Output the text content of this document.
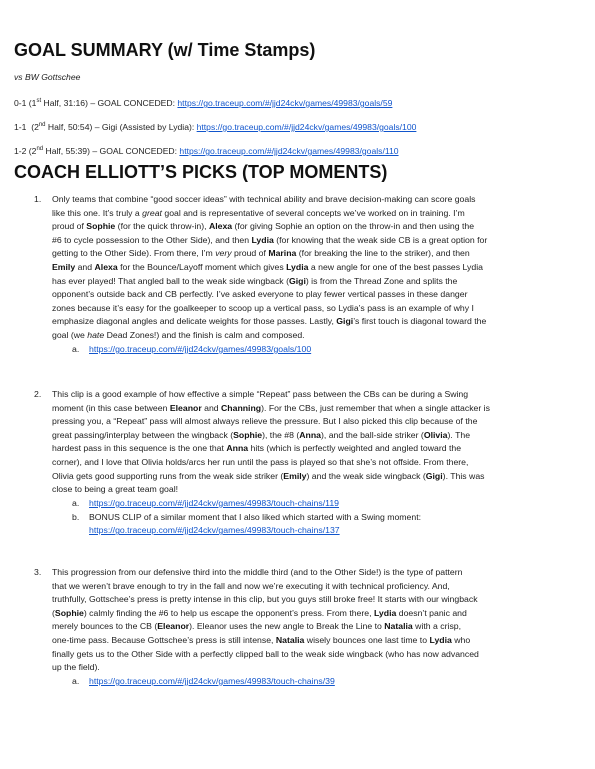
GOAL SUMMARY (w/ Time Stamps)
vs BW Gottschee
0-1 (1st Half, 31:16) – GOAL CONCEDED: https://go.traceup.com/#/jjd24ckv/games/49983/goals/59
1-1  (2nd Half, 50:54) – Gigi (Assisted by Lydia): https://go.traceup.com/#/jjd24ckv/games/49983/goals/100
1-2 (2nd Half, 55:39) – GOAL CONCEDED: https://go.traceup.com/#/jjd24ckv/games/49983/goals/110
COACH ELLIOTT’S PICKS (TOP MOMENTS)
1. Only teams that combine “good soccer ideas” with technical ability and brave decision-making can score goals
like this one. It’s truly a great goal and is representative of several concepts we’ve worked on in training. I’m
proud of Sophie (for the quick throw-in), Alexa (for giving Sophie an option on the throw-in and then using the
#6 to cycle possession to the Other Side), and then Lydia (for knowing that the weak side CB is a great option for
getting to the Other Side). From there, I’m very proud of Marina (for breaking the line to the striker), and then
Emily and Alexa for the Bounce/Layoff moment which gives Lydia a new angle for one of the best passes Lydia
has ever played! That angled ball to the weak side wingback (Gigi) is from the Thread Zone and splits the
opponent’s outside back and CB perfectly. I’ve asked everyone to play fewer vertical passes in these danger
zones because it’s easy for the goalkeeper to scoop up a vertical pass, so Lydia’s pass is an example of why I
emphasize diagonal angles and delicate weights for those passes. Lastly, Gigi’s first touch is diagonal toward the
goal (we hate Dead Zones!) and the finish is calm and composed.
a. https://go.traceup.com/#/jjd24ckv/games/49983/goals/100
2. This clip is a good example of how effective a simple “Repeat” pass between the CBs can be during a Swing
moment (in this case between Eleanor and Channing). For the CBs, just remember that when a single attacker is
pressing you, a “Repeat” pass will almost always relieve the pressure. But I also picked this clip because of the
great passing/interplay between the wingback (Sophie), the #8 (Anna), and the ball-side striker (Olivia). The
hardest pass in this sequence is the one that Anna hits (which is perfectly weighted and angled toward the
corner), and I love that Olivia holds/arcs her run until the pass is played so that she’s not offside. From there,
Olivia gets good supporting runs from the weak side striker (Emily) and the weak side wingback (Gigi). This was
close to being a great team goal!
a. https://go.traceup.com/#/jjd24ckv/games/49983/touch-chains/119
b. BONUS CLIP of a similar moment that I also liked which started with a Swing moment:
https://go.traceup.com/#/jjd24ckv/games/49983/touch-chains/137
3. This progression from our defensive third into the middle third (and to the Other Side!) is the type of pattern
that we weren’t brave enough to try in the fall and now we’re executing it with technical proficiency. And,
truthfully, Gottschee’s press is pretty intense in this clip, but you guys still broke free! It starts with our wingback
(Sophie) calmly finding the #6 to help us escape the opponent’s press. From there, Lydia doesn’t panic and
merely bounces to the CB (Eleanor). Eleanor uses the new angle to Break the Line to Natalia with a crisp,
one-time pass. Because Gottschee’s press is still intense, Natalia wisely bounces one last time to Lydia who
finally gets us to the Other Side with a perfectly clipped ball to the weak side wingback (who has now advanced
up the field).
a. https://go.traceup.com/#/jjd24ckv/games/49983/touch-chains/39
